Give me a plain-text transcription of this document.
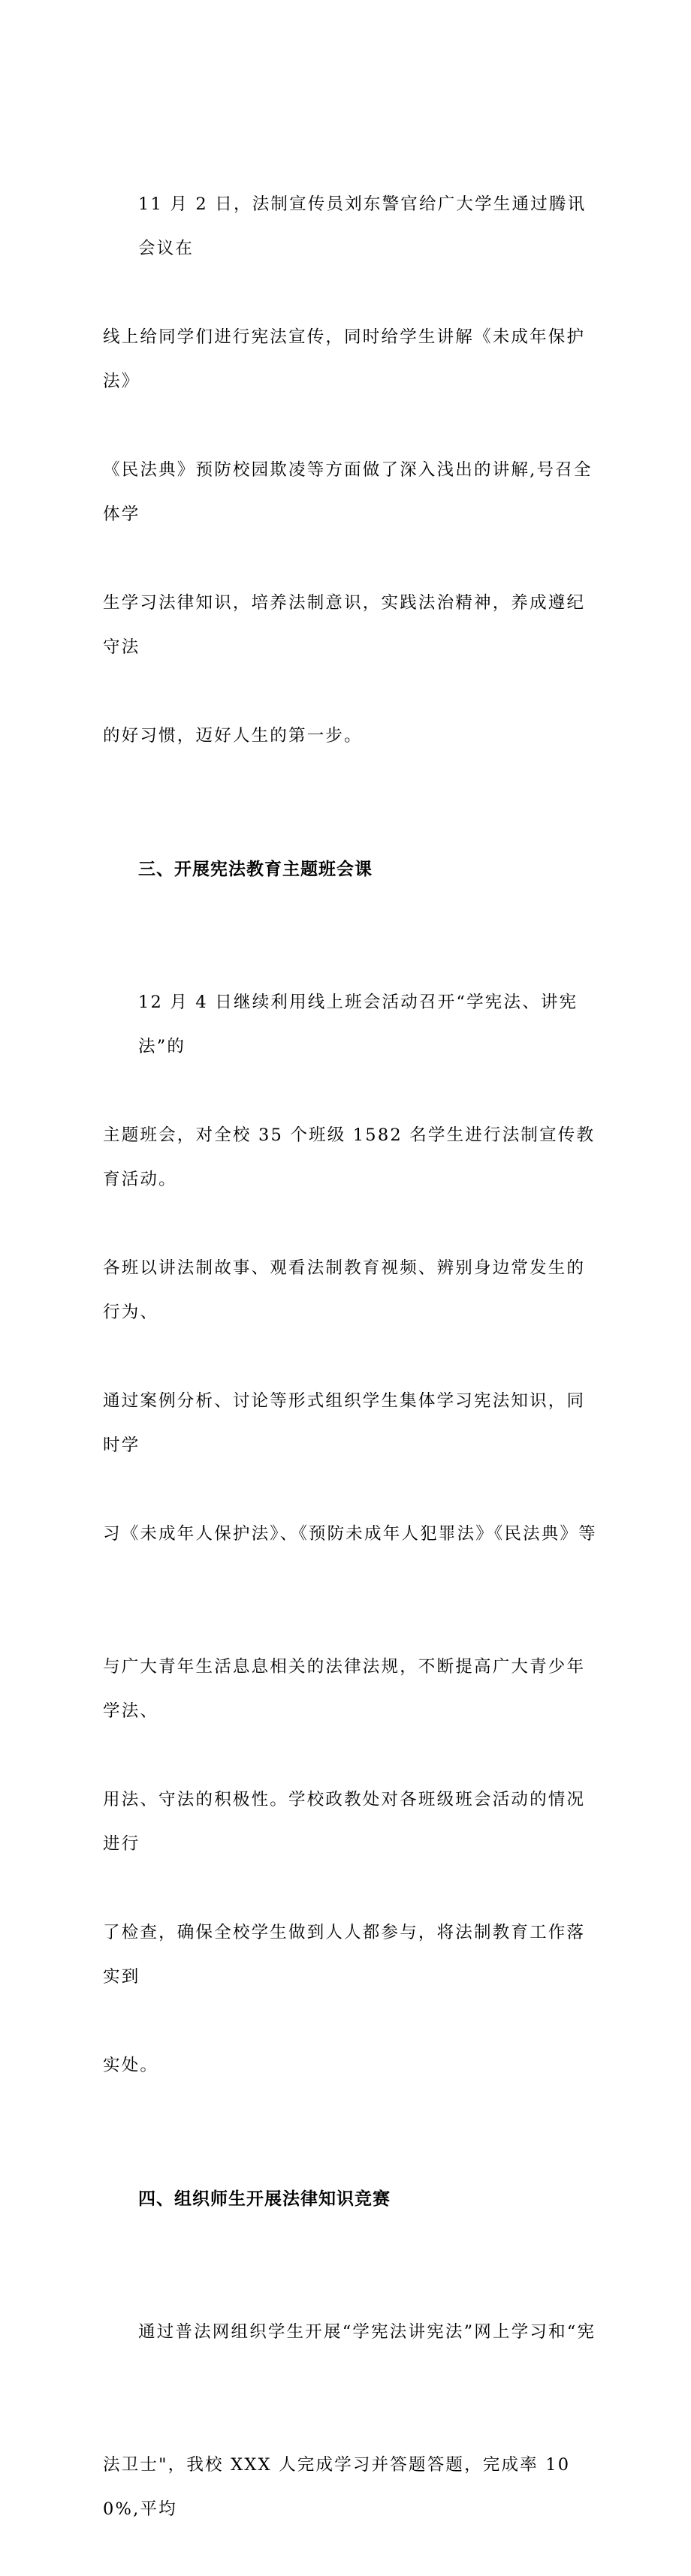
11 月 2 日，法制宣传员刘东警官给广大学生通过腾讯会议在

线上给同学们进行宪法宣传，同时给学生讲解《未成年保护法》

《民法典》预防校园欺凌等方面做了深入浅出的讲解,号召全体学

生学习法律知识，培养法制意识，实践法治精神，养成遵纪守法

的好习惯，迈好人生的第一步。

三、开展宪法教育主题班会课

12 月 4 日继续利用线上班会活动召开“学宪法、讲宪法”的

主题班会，对全校 35 个班级 1582 名学生进行法制宣传教育活动。

各班以讲法制故事、观看法制教育视频、辨别身边常发生的行为、

通过案例分析、讨论等形式组织学生集体学习宪法知识，同时学

习《未成年人保护法》、《预防未成年人犯罪法》《民法典》等

与广大青年生活息息相关的法律法规，不断提高广大青少年学法、

用法、守法的积极性。学校政教处对各班级班会活动的情况进行

了检查，确保全校学生做到人人都参与，将法制教育工作落实到

实处。

四、组织师生开展法律知识竞赛

通过普法网组织学生开展“学宪法讲宪法”网上学习和“宪

法卫士"，我校 XXX 人完成学习并答题答题，完成率 100%,平均
